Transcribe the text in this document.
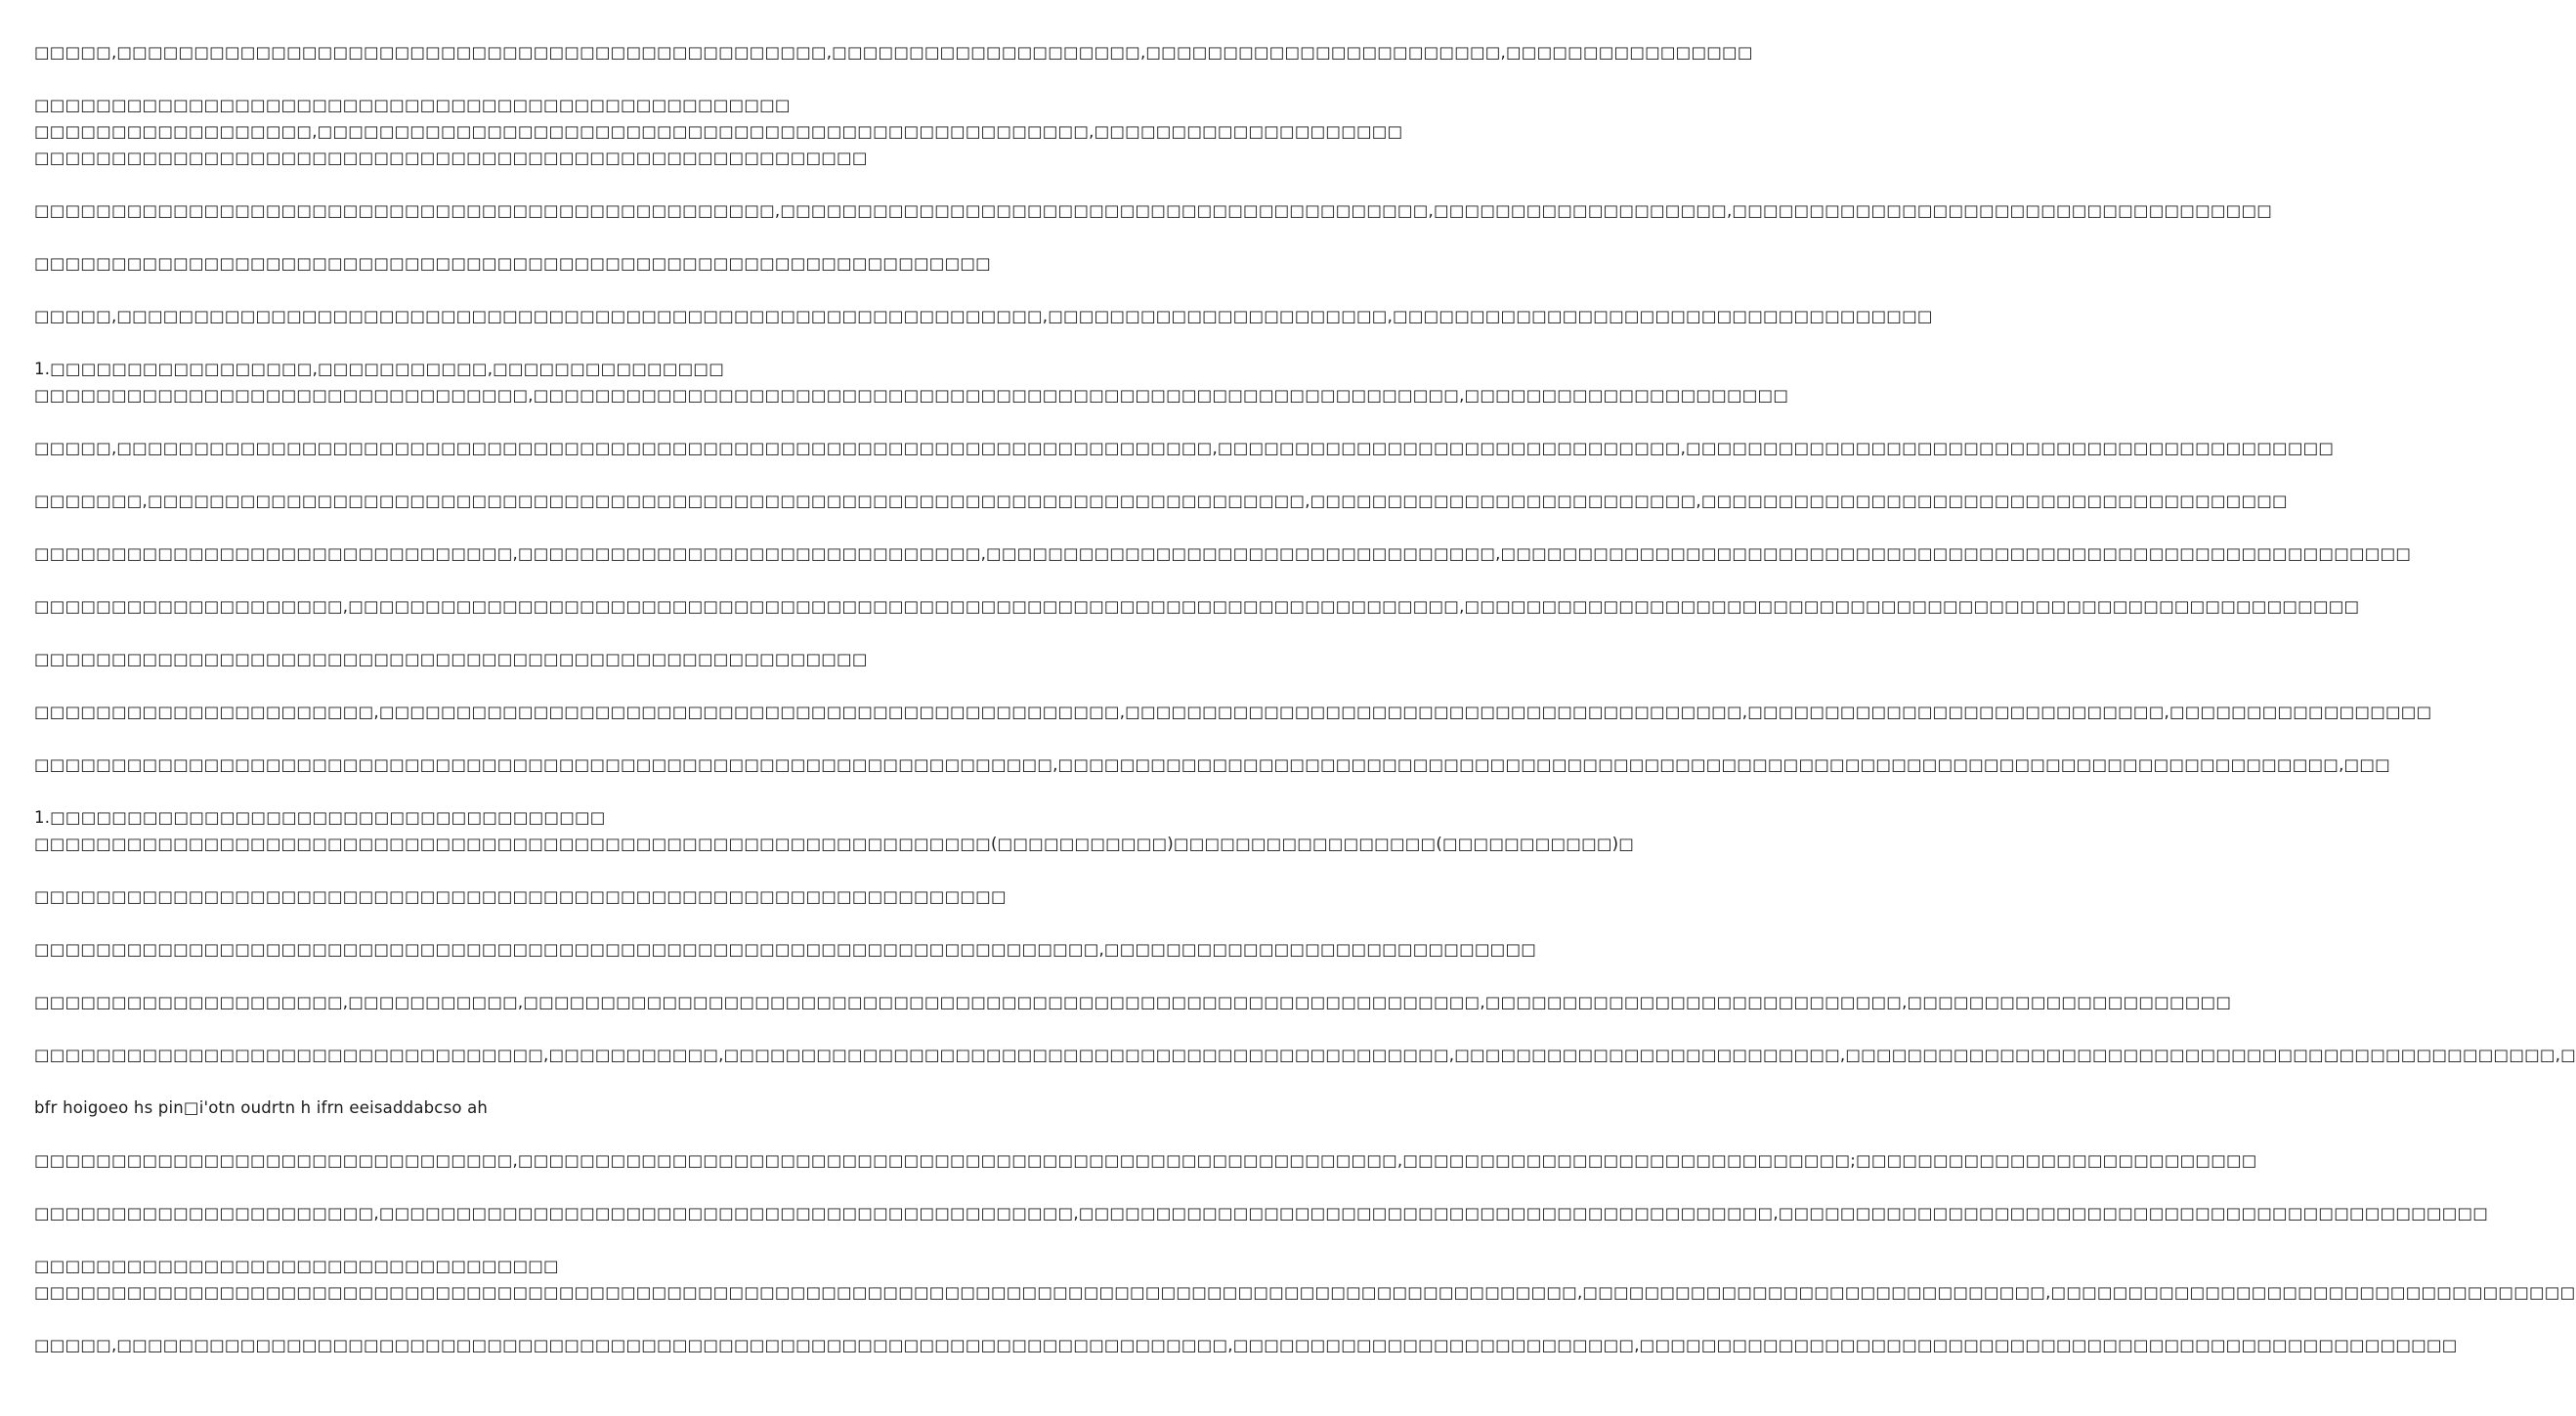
□□□□□,□□□□□□□□□□□□□□□□□□□□□□□□□□□□□□□□□□□□□□□□□□□□□□,□□□□□□□□□□□□□□□□□□□□,□□□□□□□□□□□□□□□□□□□□□□□,□□□□□□□□□□□□□□□□

□□□□□□□□□□□□□□□□□□□□□□□□□□□□□□□□□□□□□□□□□□□□□□□□□

□□□□□□□□□□□□□□□□□□,□□□□□□□□□□□□□□□□□□□□□□□□□□□□□□□□□□□□□□□□□□□□□□□□□□,□□□□□□□□□□□□□□□□□□□□

□□□□□□□□□□□□□□□□□□□□□□□□□□□□□□□□□□□□□□□□□□□□□□□□□□□□□□

□□□□□□□□□□□□□□□□□□□□□□□□□□□□□□□□□□□□□□□□□□□□□□□□,□□□□□□□□□□□□□□□□□□□□□□□□□□□□□□□□□□□□□□□□□□,□□□□□□□□□□□□□□□□□□□,□□□□□□□□□□□□□□□□□□□□□□□□□□□□□□□□□□□

□□□□□□□□□□□□□□□□□□□□□□□□□□□□□□□□□□□□□□□□□□□□□□□□□□□□□□□□□□□□□□

□□□□□,□□□□□□□□□□□□□□□□□□□□□□□□□□□□□□□□□□□□□□□□□□□□□□□□□□□□□□□□□□□□,□□□□□□□□□□□□□□□□□□□□□□,□□□□□□□□□□□□□□□□□□□□□□□□□□□□□□□□□□□

1.□□□□□□□□□□□□□□□□□,□□□□□□□□□□□,□□□□□□□□□□□□□□□

□□□□□□□□□□□□□□□□□□□□□□□□□□□□□□□□,□□□□□□□□□□□□□□□□□□□□□□□□□□□□□□□□□□□□□□□□□□□□□□□□□□□□□□□□□□□□,□□□□□□□□□□□□□□□□□□□□□

□□□□□,□□□□□□□□□□□□□□□□□□□□□□□□□□□□□□□□□□□□□□□□□□□□□□□□□□□□□□□□□□□□□□□□□□□□□□□,□□□□□□□□□□□□□□□□□□□□□□□□□□□□□□,□□□□□□□□□□□□□□□□□□□□□□□□□□□□□□□□□□□□□□□□□□

□□□□□□□,□□□□□□□□□□□□□□□□□□□□□□□□□□□□□□□□□□□□□□□□□□□□□□□□□□□□□□□□□□□□□□□□□□□□□□□□□□□,□□□□□□□□□□□□□□□□□□□□□□□□□,□□□□□□□□□□□□□□□□□□□□□□□□□□□□□□□□□□□□□□

□□□□□□□□□□□□□□□□□□□□□□□□□□□□□□□,□□□□□□□□□□□□□□□□□□□□□□□□□□□□□□,□□□□□□□□□□□□□□□□□□□□□□□□□□□□□□□□□,□□□□□□□□□□□□□□□□□□□□□□□□□□□□□□□□□□□□□□□□□□□□□□□□□□□□□□□□□□□

□□□□□□□□□□□□□□□□□□□□,□□□□□□□□□□□□□□□□□□□□□□□□□□□□□□□□□□□□□□□□□□□□□□□□□□□□□□□□□□□□□□□□□□□□□□□□,□□□□□□□□□□□□□□□□□□□□□□□□□□□□□□□□□□□□□□□□□□□□□□□□□□□□□□□□□□

□□□□□□□□□□□□□□□□□□□□□□□□□□□□□□□□□□□□□□□□□□□□□□□□□□□□□□

□□□□□□□□□□□□□□□□□□□□□□,□□□□□□□□□□□□□□□□□□□□□□□□□□□□□□□□□□□□□□□□□□□□□□□□,□□□□□□□□□□□□□□□□□□□□□□□□□□□□□□□□□□□□□□□□,□□□□□□□□□□□□□□□□□□□□□□□□□□□,□□□□□□□□□□□□□□□□□

□□□□□□□□□□□□□□□□□□□□□□□□□□□□□□□□□□□□□□□□□□□□□□□□□□□□□□□□□□□□□□□□□□,□□□□□□□□□□□□□□□□□□□□□□□□□□□□□□□□□□□□□□□□□□□□□□□□□□□□□□□□□□□□□□□□□□□□□□□□□□□□□□□□□□□,□□□

1.□□□□□□□□□□□□□□□□□□□□□□□□□□□□□□□□□□□□

□□□□□□□□□□□□□□□□□□□□□□□□□□□□□□□□□□□□□□□□□□□□□□□□□□□□□□□□□□□□□□(□□□□□□□□□□□)□□□□□□□□□□□□□□□□□(□□□□□□□□□□□)□

□□□□□□□□□□□□□□□□□□□□□□□□□□□□□□□□□□□□□□□□□□□□□□□□□□□□□□□□□□□□□□□

□□□□□□□□□□□□□□□□□□□□□□□□□□□□□□□□□□□□□□□□□□□□□□□□□□□□□□□□□□□□□□□□□□□□□,□□□□□□□□□□□□□□□□□□□□□□□□□□□□

□□□□□□□□□□□□□□□□□□□□,□□□□□□□□□□□,□□□□□□□□□□□□□□□□□□□□□□□□□□□□□□□□□□□□□□□□□□□□□□□□□□□□□□□□□□□□□□,□□□□□□□□□□□□□□□□□□□□□□□□□□□,□□□□□□□□□□□□□□□□□□□□□

□□□□□□□□□□□□□□□□□□□□□□□□□□□□□□□□□,□□□□□□□□□□□,□□□□□□□□□□□□□□□□□□□□□□□□□□□□□□□□□□□□□□□□□□□□□□□,□□□□□□□□□□□□□□□□□□□□□□□□□,□□□□□□□□□□□□□□□□□□□□□□□□□□□□□□□□□□□□□□□□□□□□□□,□

bfr hoigoeo hs pin□i'otn oudrtn h ifrn eeisaddabcso ah

□□□□□□□□□□□□□□□□□□□□□□□□□□□□□□□,□□□□□□□□□□□□□□□□□□□□□□□□□□□□□□□□□□□□□□□□□□□□□□□□□□□□□□□□□,□□□□□□□□□□□□□□□□□□□□□□□□□□□□□;□□□□□□□□□□□□□□□□□□□□□□□□□□

□□□□□□□□□□□□□□□□□□□□□□,□□□□□□□□□□□□□□□□□□□□□□□□□□□□□□□□□□□□□□□□□□□□□,□□□□□□□□□□□□□□□□□□□□□□□□□□□□□□□□□□□□□□□□□□□□□,□□□□□□□□□□□□□□□□□□□□□□□□□□□□□□□□□□□□□□□□□□□□□□

□□□□□□□□□□□□□□□□□□□□□□□□□□□□□□□□□□

□□□□□□□□□□□□□□□□□□□□□□□□□□□□□□□□□□□□□□□□□□□□□□□□□□□□□□□□□□□□□□□□□□□□□□□□□□□□□□□□□□□□□□□□□□□□□□□□□□□□,□□□□□□□□□□□□□□□□□□□□□□□□□□□□□□,□□□□□□□□□□□□□□□□□□□□□□□□□□□□□□□□□□

□□□□□,□□□□□□□□□□□□□□□□□□□□□□□□□□□□□□□□□□□□□□□□□□□□□□□□□□□□□□□□□□□□□□□□□□□□□□□□,□□□□□□□□□□□□□□□□□□□□□□□□□□,□□□□□□□□□□□□□□□□□□□□□□□□□□□□□□□□□□□□□□□□□□□□□□□□□□□□□
